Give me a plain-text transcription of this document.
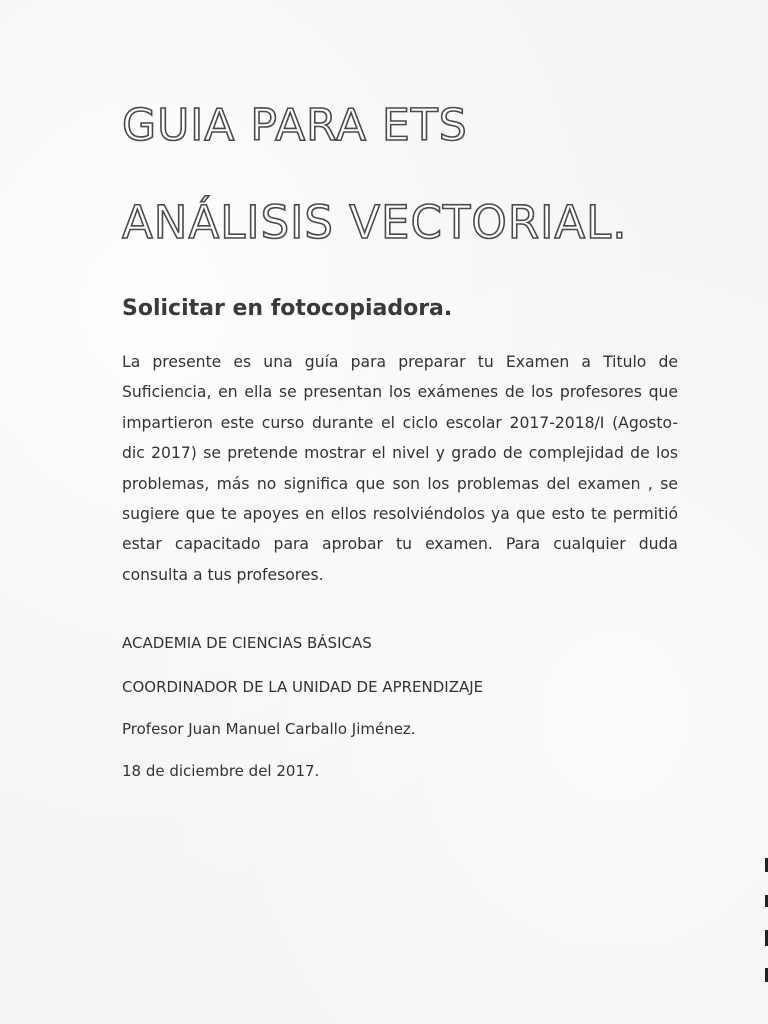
GUIA PARA ETS
ANÁLISIS VECTORIAL.
Solicitar en fotocopiadora.

La presente es una guía para preparar tu Examen a Titulo de Suficiencia, en ella se presentan los exámenes de los profesores que impartieron este curso durante el ciclo escolar 2017-2018/I (Agosto-dic 2017) se pretende mostrar el nivel y grado de complejidad de los problemas, más no significa que son los problemas del examen , se sugiere que te apoyes en ellos resolviéndolos ya que esto te permitió estar capacitado para aprobar tu examen. Para cualquier duda consulta a tus profesores.

ACADEMIA DE CIENCIAS BÁSICAS

COORDINADOR DE LA UNIDAD DE APRENDIZAJE

Profesor Juan Manuel Carballo Jiménez.

18 de diciembre del 2017.
